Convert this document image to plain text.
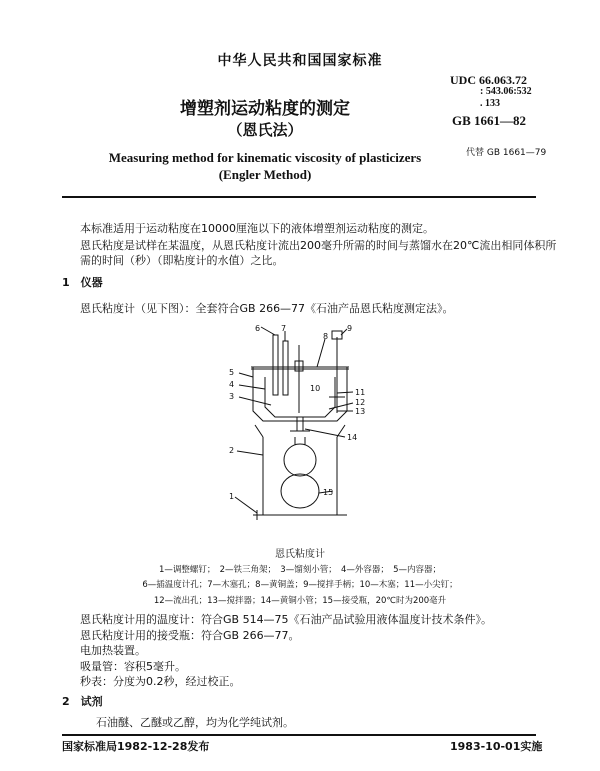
中华人民共和国国家标准
增塑剂运动粘度的测定
（恩氏法）
Measuring method for kinematic viscosity of plasticizers
(Engler Method)
UDC 66.063.72
: 543.06:532
. 133
GB 1661—82
代替 GB 1661—79
本标准适用于运动粘度在10000厘沲以下的液体增塑剂运动粘度的测定。
恩氏粘度是试样在某温度，从恩氏粘度计流出200毫升所需的时间与蒸馏水在20℃流出相同体积所
需的时间（秒）（即粘度计的水值）之比。
1　仪器
恩氏粘度计（见下图）：全套符合GB 266—77《石油产品恩氏粘度测定法》。
1
2
3
4
5
6	7
8
9
10	11
12
13
14
15
恩氏粘度计
1—调整螺钉；　2—铁三角架；　3—馏刻小管；　4—外容器；　5—内容器；
6—插温度计孔；7—木塞孔；8—黄铜盖；9—搅拌手柄；10—木塞；11—小尖钉；
12—流出孔；13—搅拌器；14—黄铜小管；15—接受瓶，20℃时为200毫升
恩氏粘度计用的温度计：符合GB 514—75《石油产品试验用液体温度计技术条件》。
恩氏粘度计用的接受瓶：符合GB 266—77。
电加热装置。
吸量管：容积5毫升。
秒表：分度为0.2秒，经过校正。
2　试剂
石油醚、乙醚或乙醇，均为化学纯试剂。
国家标准局1982-12-28发布	1983-10-01实施
